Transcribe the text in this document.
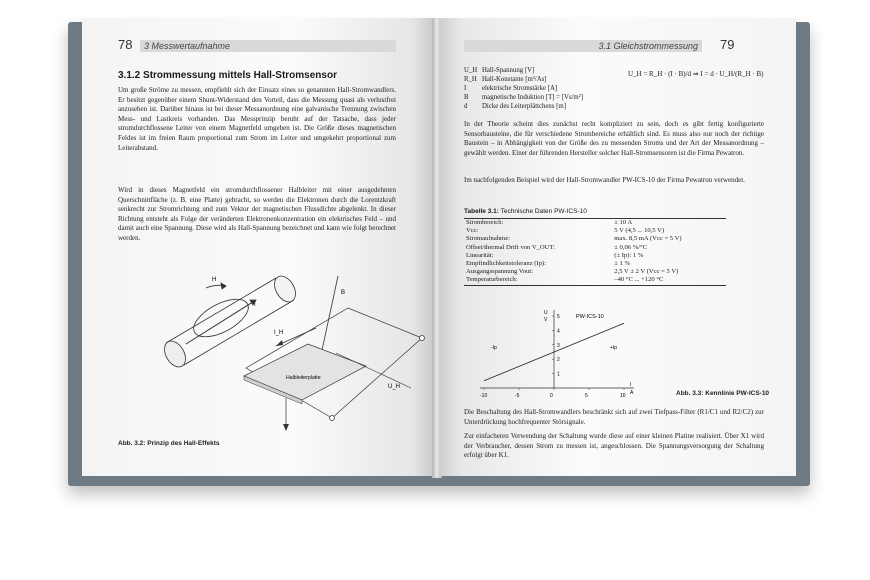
78 3 Messwertaufnahme
3.1.2 Strommessung mittels Hall-Stromsensor
Um große Ströme zu messen, empfiehlt sich der Einsatz eines so genannten Hall-Stromwandlers. Er besitzt gegenüber einem Shunt-Widerstand den Vorteil, dass die Messung quasi als verlustfrei anzusehen ist. Darüber hinaus ist bei dieser Messanordnung eine galvanische Trennung zwischen Mess- und Lastkreis vorhanden. Das Messprinzip beruht auf der Tatsache, dass jeder stromdurchflossene Leiter von einem Magnetfeld umgeben ist. Die Größe dieses magnetischen Feldes ist im freien Raum proportional zum Strom im Leiter und umgekehrt proportional zum Leiterabstand.
Wird in dieses Magnetfeld ein stromdurchflossener Halbleiter mit einer ausgedehnten Querschnittfläche (z. B. eine Platte) gebracht, so werden die Elektronen durch die Lorentzkraft senkrecht zur Stromrichtung und zum Vektor der magnetischen Flussdichte abgelenkt. In dieser Richtung entsteht als Folge der veränderten Elektronenkonzentration ein elektrisches Feld – und damit auch eine Spannung. Diese wird als Hall-Spannung bezeichnet und kann wie folgt berechnet werden.
H
I
B
Halbleiterplatte
I_H
U_H
Abb. 3.2: Prinzip des Hall-Effekts
3.1 Gleichstrommessung	79
U_H Hall-Spannung [V]
R_H Hall-Konstante [m³/As]
I elektrische Stromstärke [A]
B magnetische Induktion [T] = [Vs/m²]
d Dicke des Leiterplättchens [m]
U_H = R_H · (I · B)/d ⇒ I = d · U_H/(R_H · B)
In der Theorie scheint dies zunächst recht kompliziert zu sein, doch es gibt fertig konfigurierte Sensorbausteine, die für verschiedene Strombereiche erhältlich sind. Es muss also nur noch der richtige Baustein – in Abhängigkeit von der Größe des zu messenden Stroms und der Art der Messanordnung – gewählt werden. Einer der führenden Hersteller solcher Hall-Stromsensoren ist die Firma Pewatron.
Im nachfolgenden Beispiel wird der Hall-Stromwandler PW-ICS-10 der Firma Pewatron verwendet.
Tabelle 3.1: Technische Daten PW-ICS-10
Strombereich:	± 10 A
Vcc:	5 V (4,5 ... 10,5 V)
Stromaufnahme:	max. 8,5 mA (Vcc = 5 V)
Offset/thermal Drift von V_OUT:	± 0,06 %/°C
Linearität:	(± Ip): 1 %
Empfindlichkeitstoleranz (Ip):	± 1 %
Ausgangsspannung Vout:	2,5 V ± 2 V (Vcc = 5 V)
Temperaturbereich:	–40 °C ... +120 °C
PW-ICS-10
U
V
I
A
-10	-5	0	5	10
1
2
3
4
5
-Ip	+Ip
Abb. 3.3: Kennlinie PW-ICS-10
Die Beschaltung des Hall-Stromwandlers beschränkt sich auf zwei Tiefpass-Filter (R1/C1 und R2/C2) zur Unterdrückung hochfrequenter Störsignale.
Zur einfacheren Verwendung der Schaltung wurde diese auf einer kleinen Platine realisiert. Über X1 wird der Verbraucher, dessen Strom zu messen ist, angeschlossen. Die Spannungsversorgung der Schaltung erfolgt über K1.
